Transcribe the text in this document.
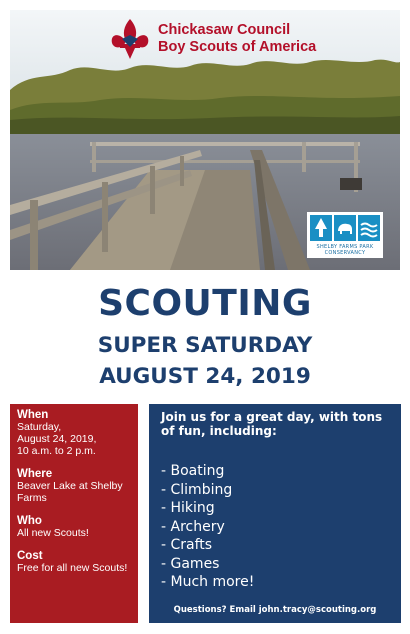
Chickasaw Council
Boy Scouts of America
SHELBY FARMS PARK
CONSERVANCY
SCOUTING
SUPER SATURDAY
AUGUST 24, 2019
When
Saturday,
August 24, 2019,
10 a.m. to 2 p.m.
Where
Beaver Lake at Shelby
Farms
Who
All new Scouts!
Cost
Free for all new Scouts!
Join us for a great day, with tons of fun, including:
- Boating
- Climbing
- Hiking
- Archery
- Crafts
- Games
- Much more!
Questions? Email john.tracy@scouting.org
